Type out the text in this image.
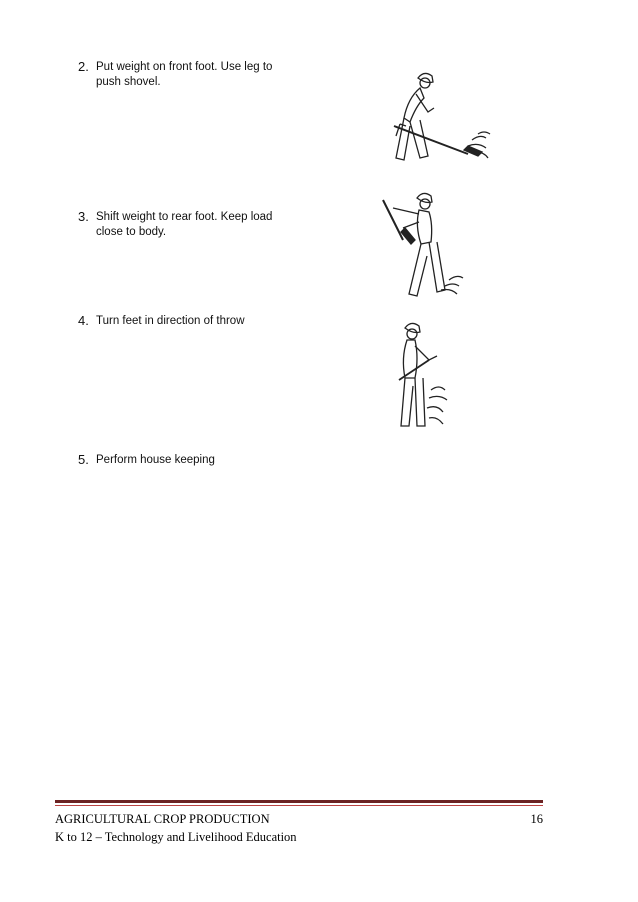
2. Put weight on front foot. Use leg to push shovel.
3. Shift weight to rear foot. Keep load close to body.
4. Turn feet in direction of throw
5. Perform house keeping
AGRICULTURAL CROP PRODUCTION
K to 12 – Technology and Livelihood Education
16
